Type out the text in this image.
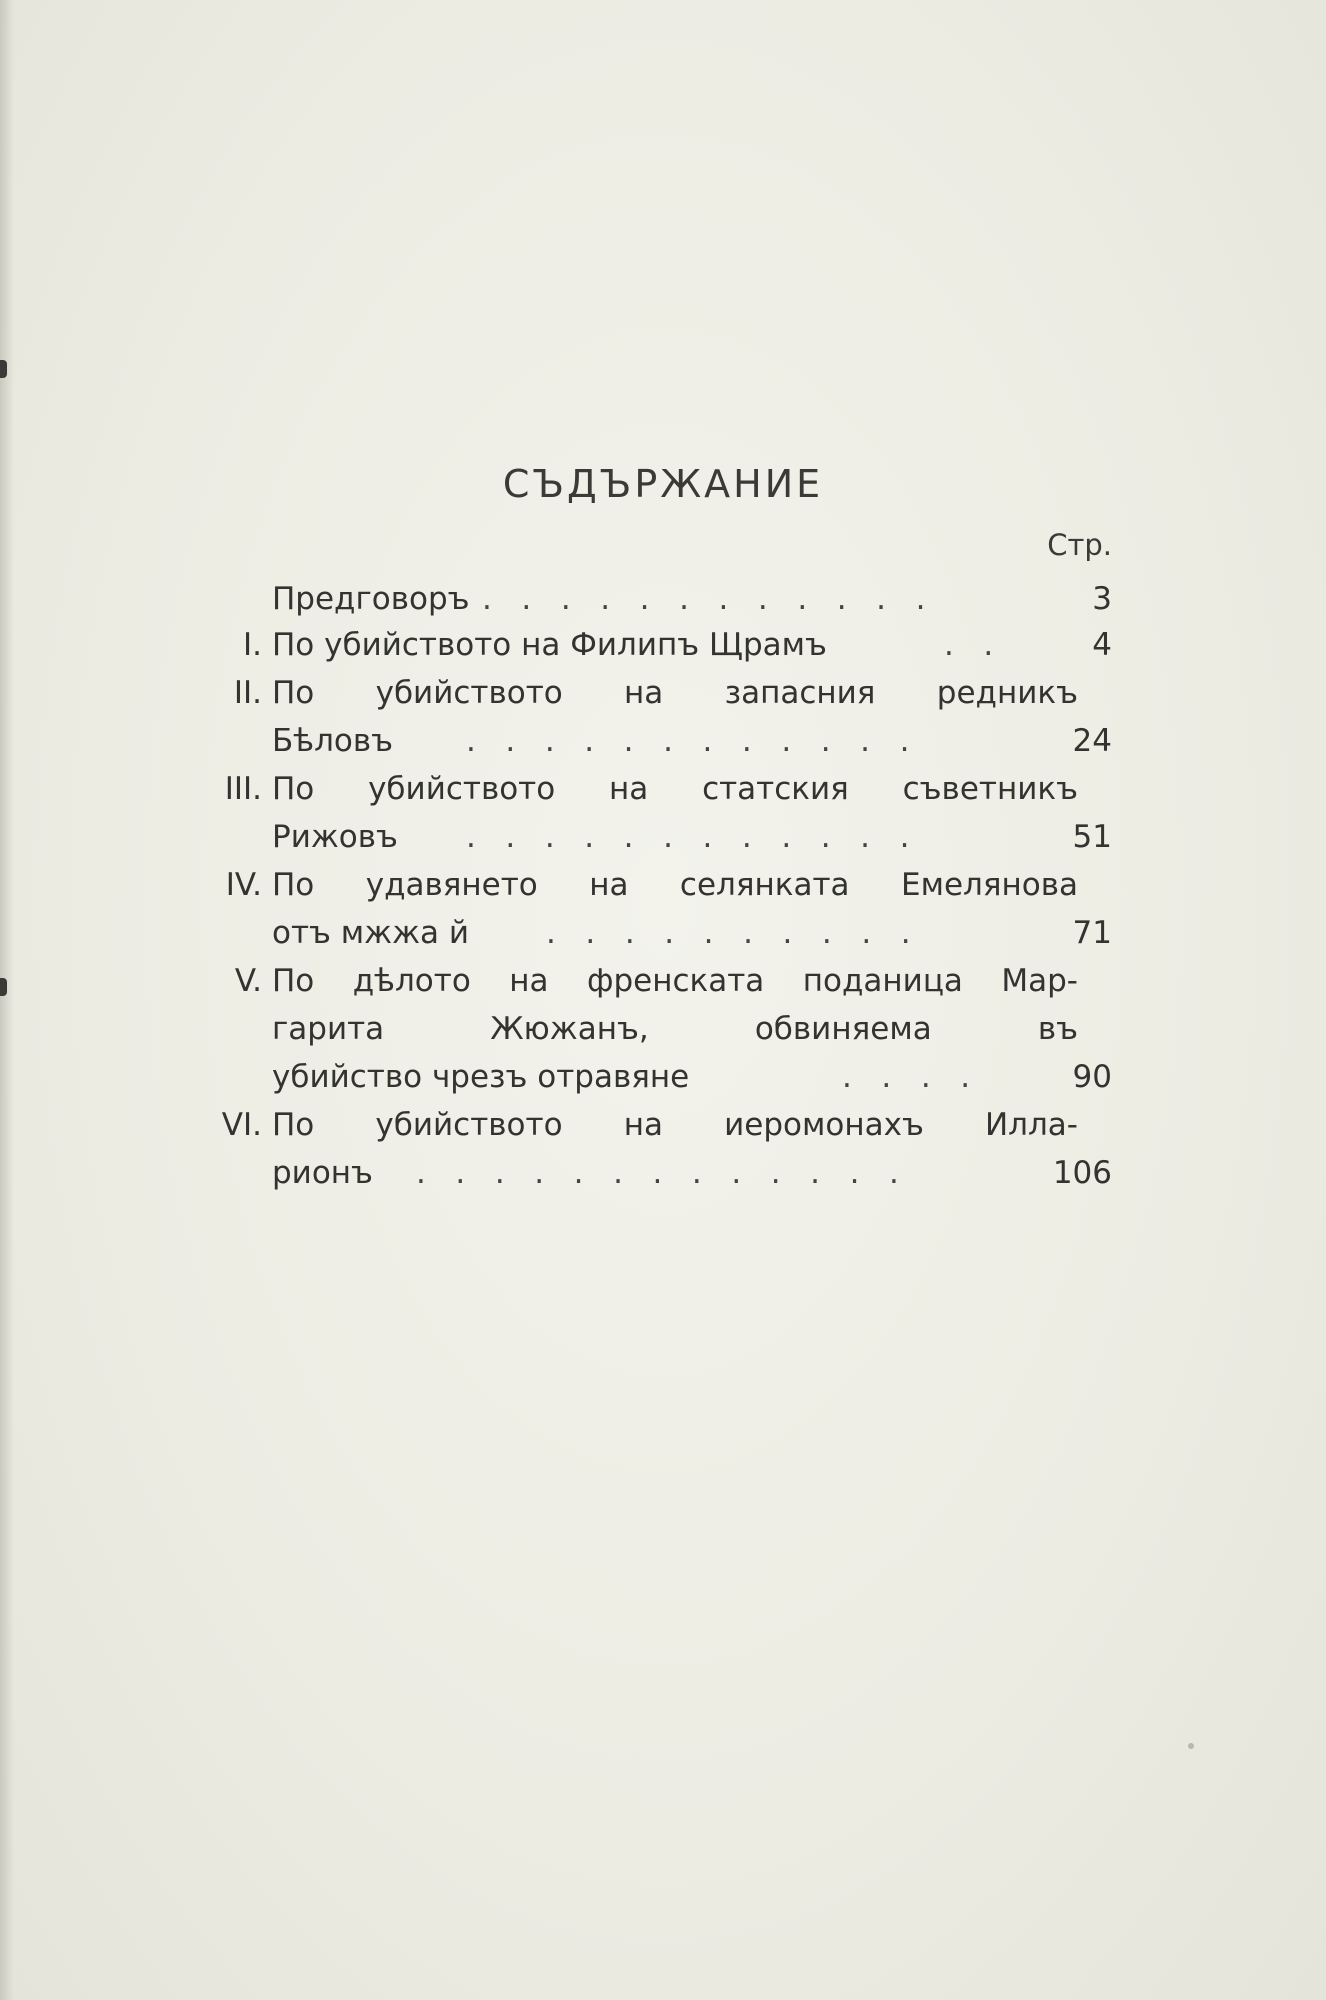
СЪДЪРЖАНИЕ
Стр.
Предговоръ .   .   .   .   .   .   .   .   .   .   .   .	3
I. По убийството на Филипъ Щрамъ	.   .	4
II. По убийството на запасния редникъ
Бѣловъ .   .   .   .   .   .   .   .   .   .   .   .	24
III. По убийството на статския съветникъ
Рижовъ .   .   .   .   .   .   .   .   .   .   .   .	51
IV. По удавянето на селянката Емелянова
отъ мжжа й .   .   .   .   .   .   .   .   .   .	71
V. По дѣлото на френската поданица Мар-
гарита Жюжанъ, обвиняема въ
убийство чрезъ отравяне	.   .   .   .	90
VI. По убийството на иеромонахъ Илла-
рионъ .   .   .   .   .   .   .   .   .   .   .   .   .	106
